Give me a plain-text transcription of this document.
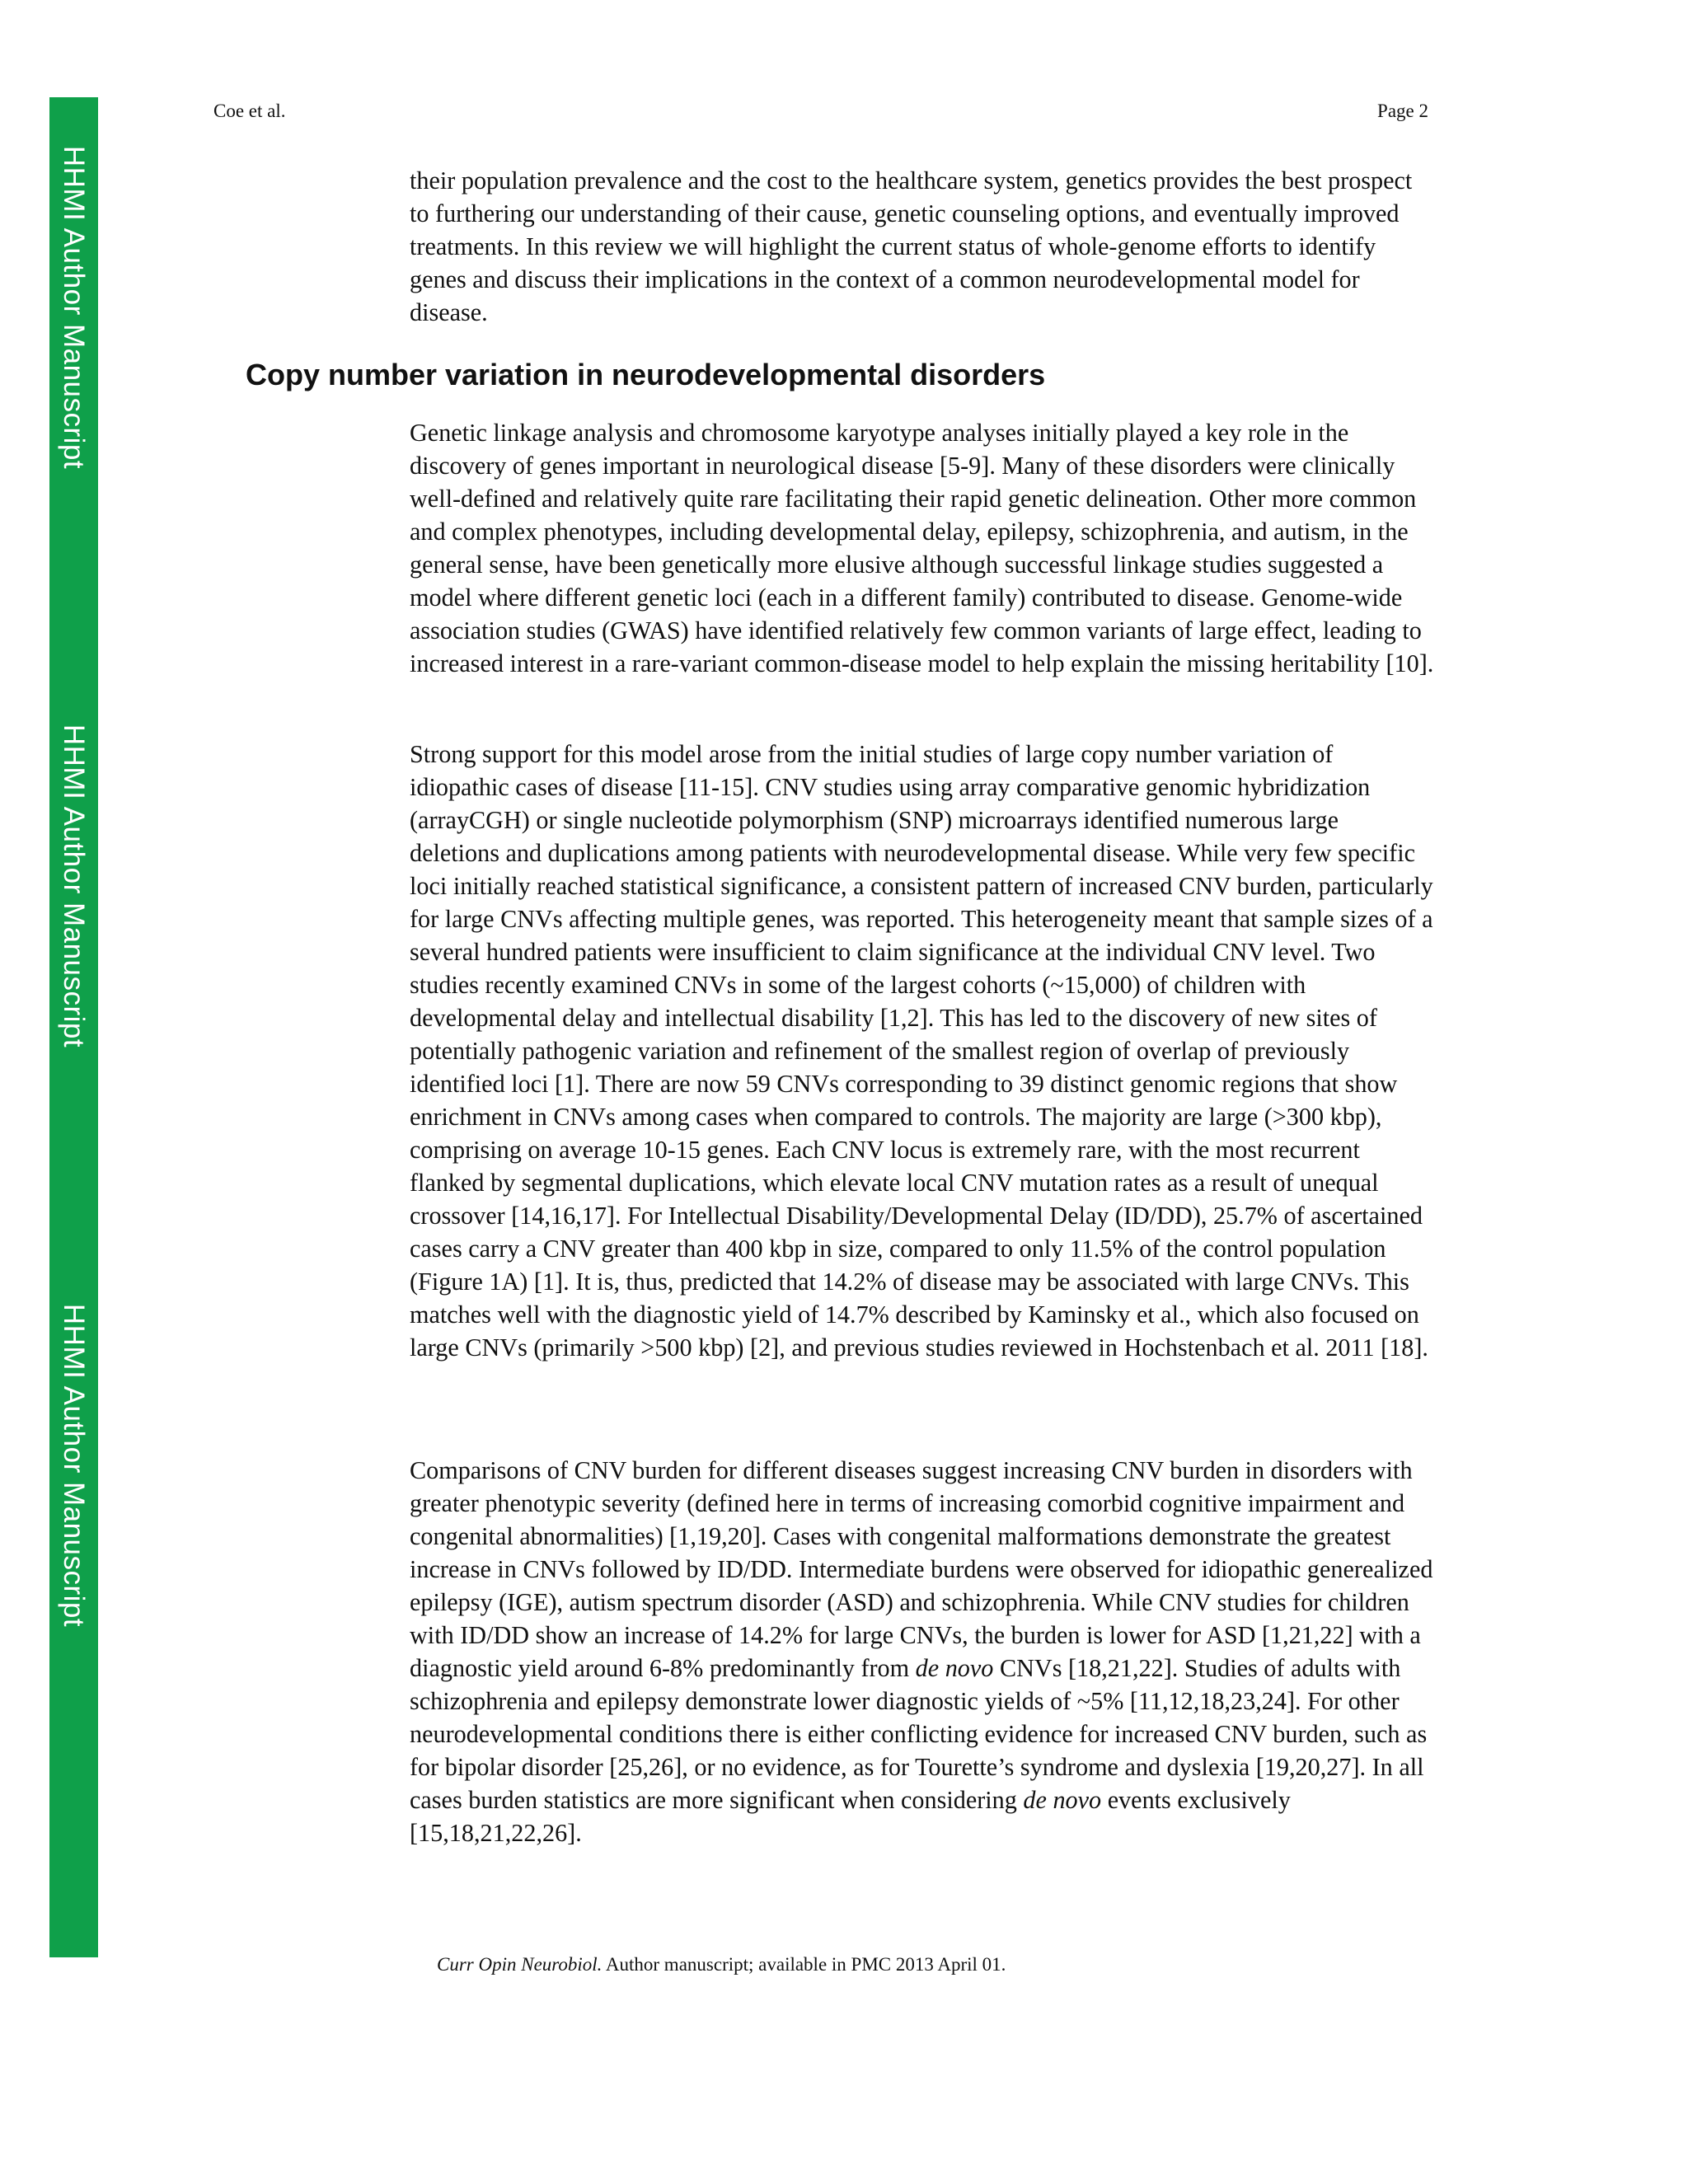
HHMI Author Manuscript
HHMI Author Manuscript
HHMI Author Manuscript
Coe et al.	Page 2

their population prevalence and the cost to the healthcare system, genetics provides the best prospect to furthering our understanding of their cause, genetic counseling options, and eventually improved treatments. In this review we will highlight the current status of whole-genome efforts to identify genes and discuss their implications in the context of a common neurodevelopmental model for disease.

Copy number variation in neurodevelopmental disorders

Genetic linkage analysis and chromosome karyotype analyses initially played a key role in the discovery of genes important in neurological disease [5-9]. Many of these disorders were clinically well-defined and relatively quite rare facilitating their rapid genetic delineation. Other more common and complex phenotypes, including developmental delay, epilepsy, schizophrenia, and autism, in the general sense, have been genetically more elusive although successful linkage studies suggested a model where different genetic loci (each in a different family) contributed to disease. Genome-wide association studies (GWAS) have identified relatively few common variants of large effect, leading to increased interest in a rare-variant common-disease model to help explain the missing heritability [10].

Strong support for this model arose from the initial studies of large copy number variation of idiopathic cases of disease [11-15]. CNV studies using array comparative genomic hybridization (arrayCGH) or single nucleotide polymorphism (SNP) microarrays identified numerous large deletions and duplications among patients with neurodevelopmental disease. While very few specific loci initially reached statistical significance, a consistent pattern of increased CNV burden, particularly for large CNVs affecting multiple genes, was reported. This heterogeneity meant that sample sizes of a several hundred patients were insufficient to claim significance at the individual CNV level. Two studies recently examined CNVs in some of the largest cohorts (~15,000) of children with developmental delay and intellectual disability [1,2]. This has led to the discovery of new sites of potentially pathogenic variation and refinement of the smallest region of overlap of previously identified loci [1]. There are now 59 CNVs corresponding to 39 distinct genomic regions that show enrichment in CNVs among cases when compared to controls. The majority are large (>300 kbp), comprising on average 10-15 genes. Each CNV locus is extremely rare, with the most recurrent flanked by segmental duplications, which elevate local CNV mutation rates as a result of unequal crossover [14,16,17]. For Intellectual Disability/Developmental Delay (ID/DD), 25.7% of ascertained cases carry a CNV greater than 400 kbp in size, compared to only 11.5% of the control population (Figure 1A) [1]. It is, thus, predicted that 14.2% of disease may be associated with large CNVs. This matches well with the diagnostic yield of 14.7% described by Kaminsky et al., which also focused on large CNVs (primarily >500 kbp) [2], and previous studies reviewed in Hochstenbach et al. 2011 [18].

Comparisons of CNV burden for different diseases suggest increasing CNV burden in disorders with greater phenotypic severity (defined here in terms of increasing comorbid cognitive impairment and congenital abnormalities) [1,19,20]. Cases with congenital malformations demonstrate the greatest increase in CNVs followed by ID/DD. Intermediate burdens were observed for idiopathic generealized epilepsy (IGE), autism spectrum disorder (ASD) and schizophrenia. While CNV studies for children with ID/DD show an increase of 14.2% for large CNVs, the burden is lower for ASD [1,21,22] with a diagnostic yield around 6-8% predominantly from de novo CNVs [18,21,22]. Studies of adults with schizophrenia and epilepsy demonstrate lower diagnostic yields of ~5% [11,12,18,23,24]. For other neurodevelopmental conditions there is either conflicting evidence for increased CNV burden, such as for bipolar disorder [25,26], or no evidence, as for Tourette’s syndrome and dyslexia [19,20,27]. In all cases burden statistics are more significant when considering de novo events exclusively [15,18,21,22,26].

Curr Opin Neurobiol. Author manuscript; available in PMC 2013 April 01.
